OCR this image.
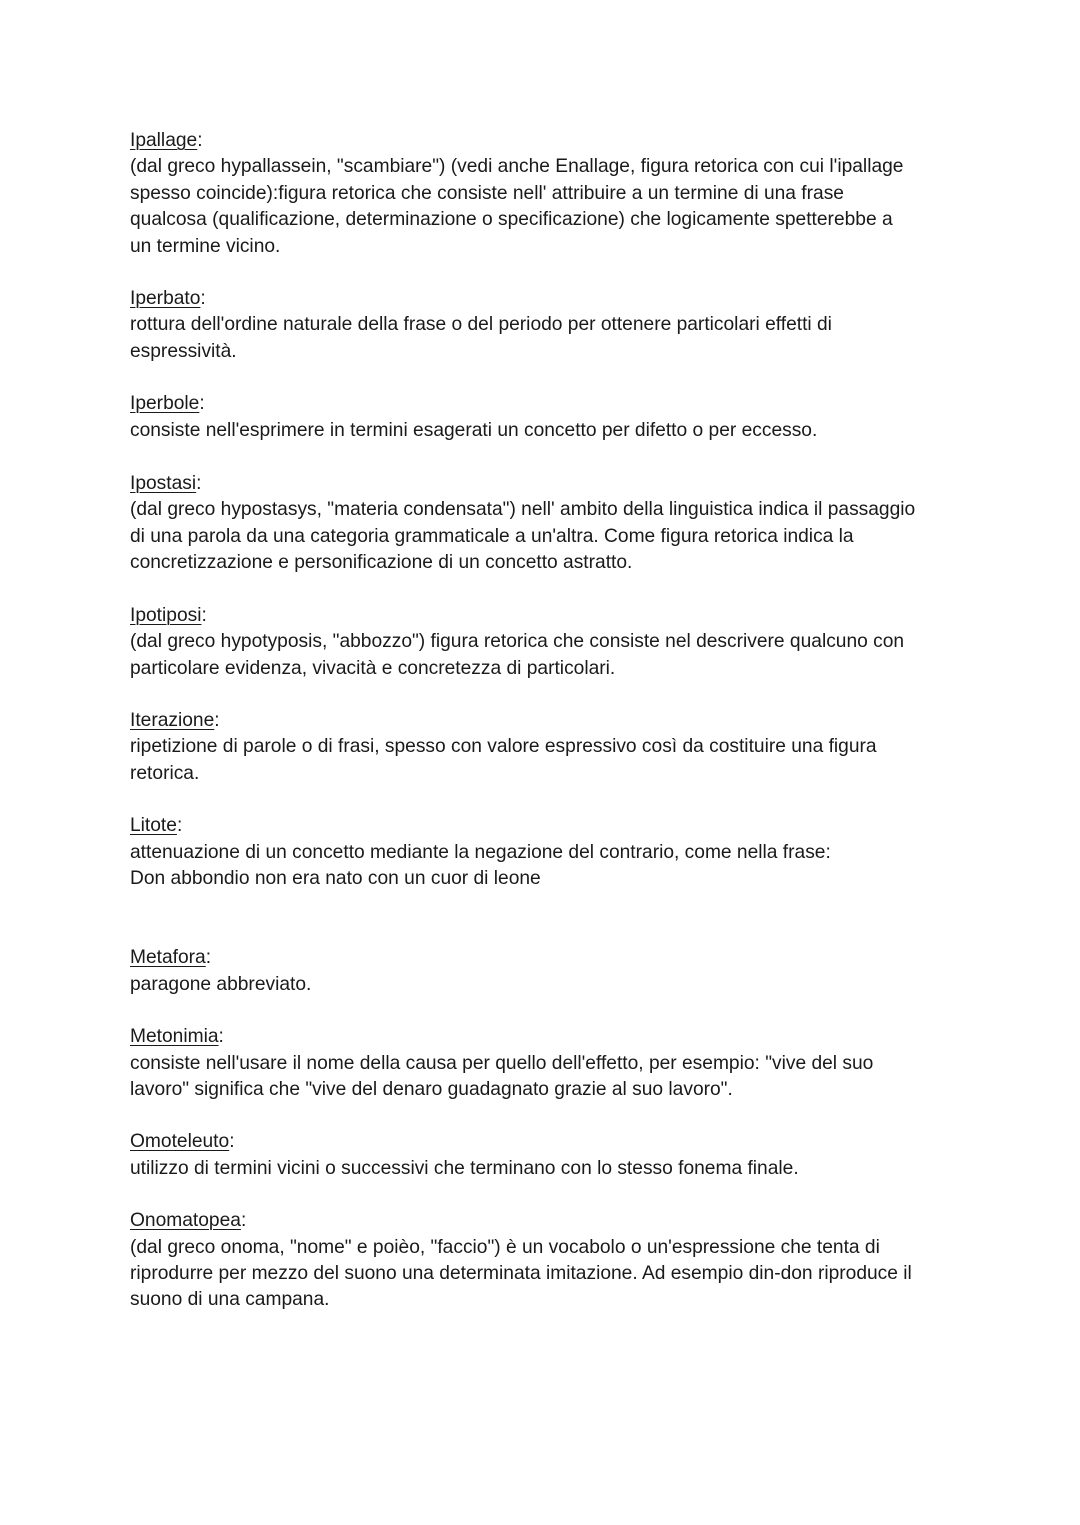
Ipallage:
(dal greco hypallassein, "scambiare") (vedi anche Enallage, figura retorica con cui l'ipallage
spesso coincide):figura retorica che consiste nell' attribuire a un termine di una frase
qualcosa (qualificazione, determinazione o specificazione) che logicamente spetterebbe a
un termine vicino.
Iperbato:
rottura dell'ordine naturale della frase o del periodo per ottenere particolari effetti di
espressività.
Iperbole:
consiste nell'esprimere in termini esagerati un concetto per difetto o per eccesso.
Ipostasi:
(dal greco hypostasys, "materia condensata") nell' ambito della linguistica indica il passaggio
di una parola da una categoria grammaticale a un'altra. Come figura retorica indica la
concretizzazione e personificazione di un concetto astratto.
Ipotiposi:
(dal greco hypotyposis, "abbozzo") figura retorica che consiste nel descrivere qualcuno con
particolare evidenza, vivacità e concretezza di particolari.
Iterazione:
ripetizione di parole o di frasi, spesso con valore espressivo così da costituire una figura
retorica.
Litote:
attenuazione di un concetto mediante la negazione del contrario, come nella frase:
Don abbondio non era nato con un cuor di leone
Metafora:
paragone abbreviato.
Metonimia:
consiste nell'usare il nome della causa per quello dell'effetto, per esempio: "vive del suo
lavoro" significa che "vive del denaro guadagnato grazie al suo lavoro".
Omoteleuto:
utilizzo di termini vicini o successivi che terminano con lo stesso fonema finale.
Onomatopea:
(dal greco onoma, "nome" e poièo, "faccio") è un vocabolo o un'espressione che tenta di
riprodurre per mezzo del suono una determinata imitazione. Ad esempio din-don riproduce il
suono di una campana.
